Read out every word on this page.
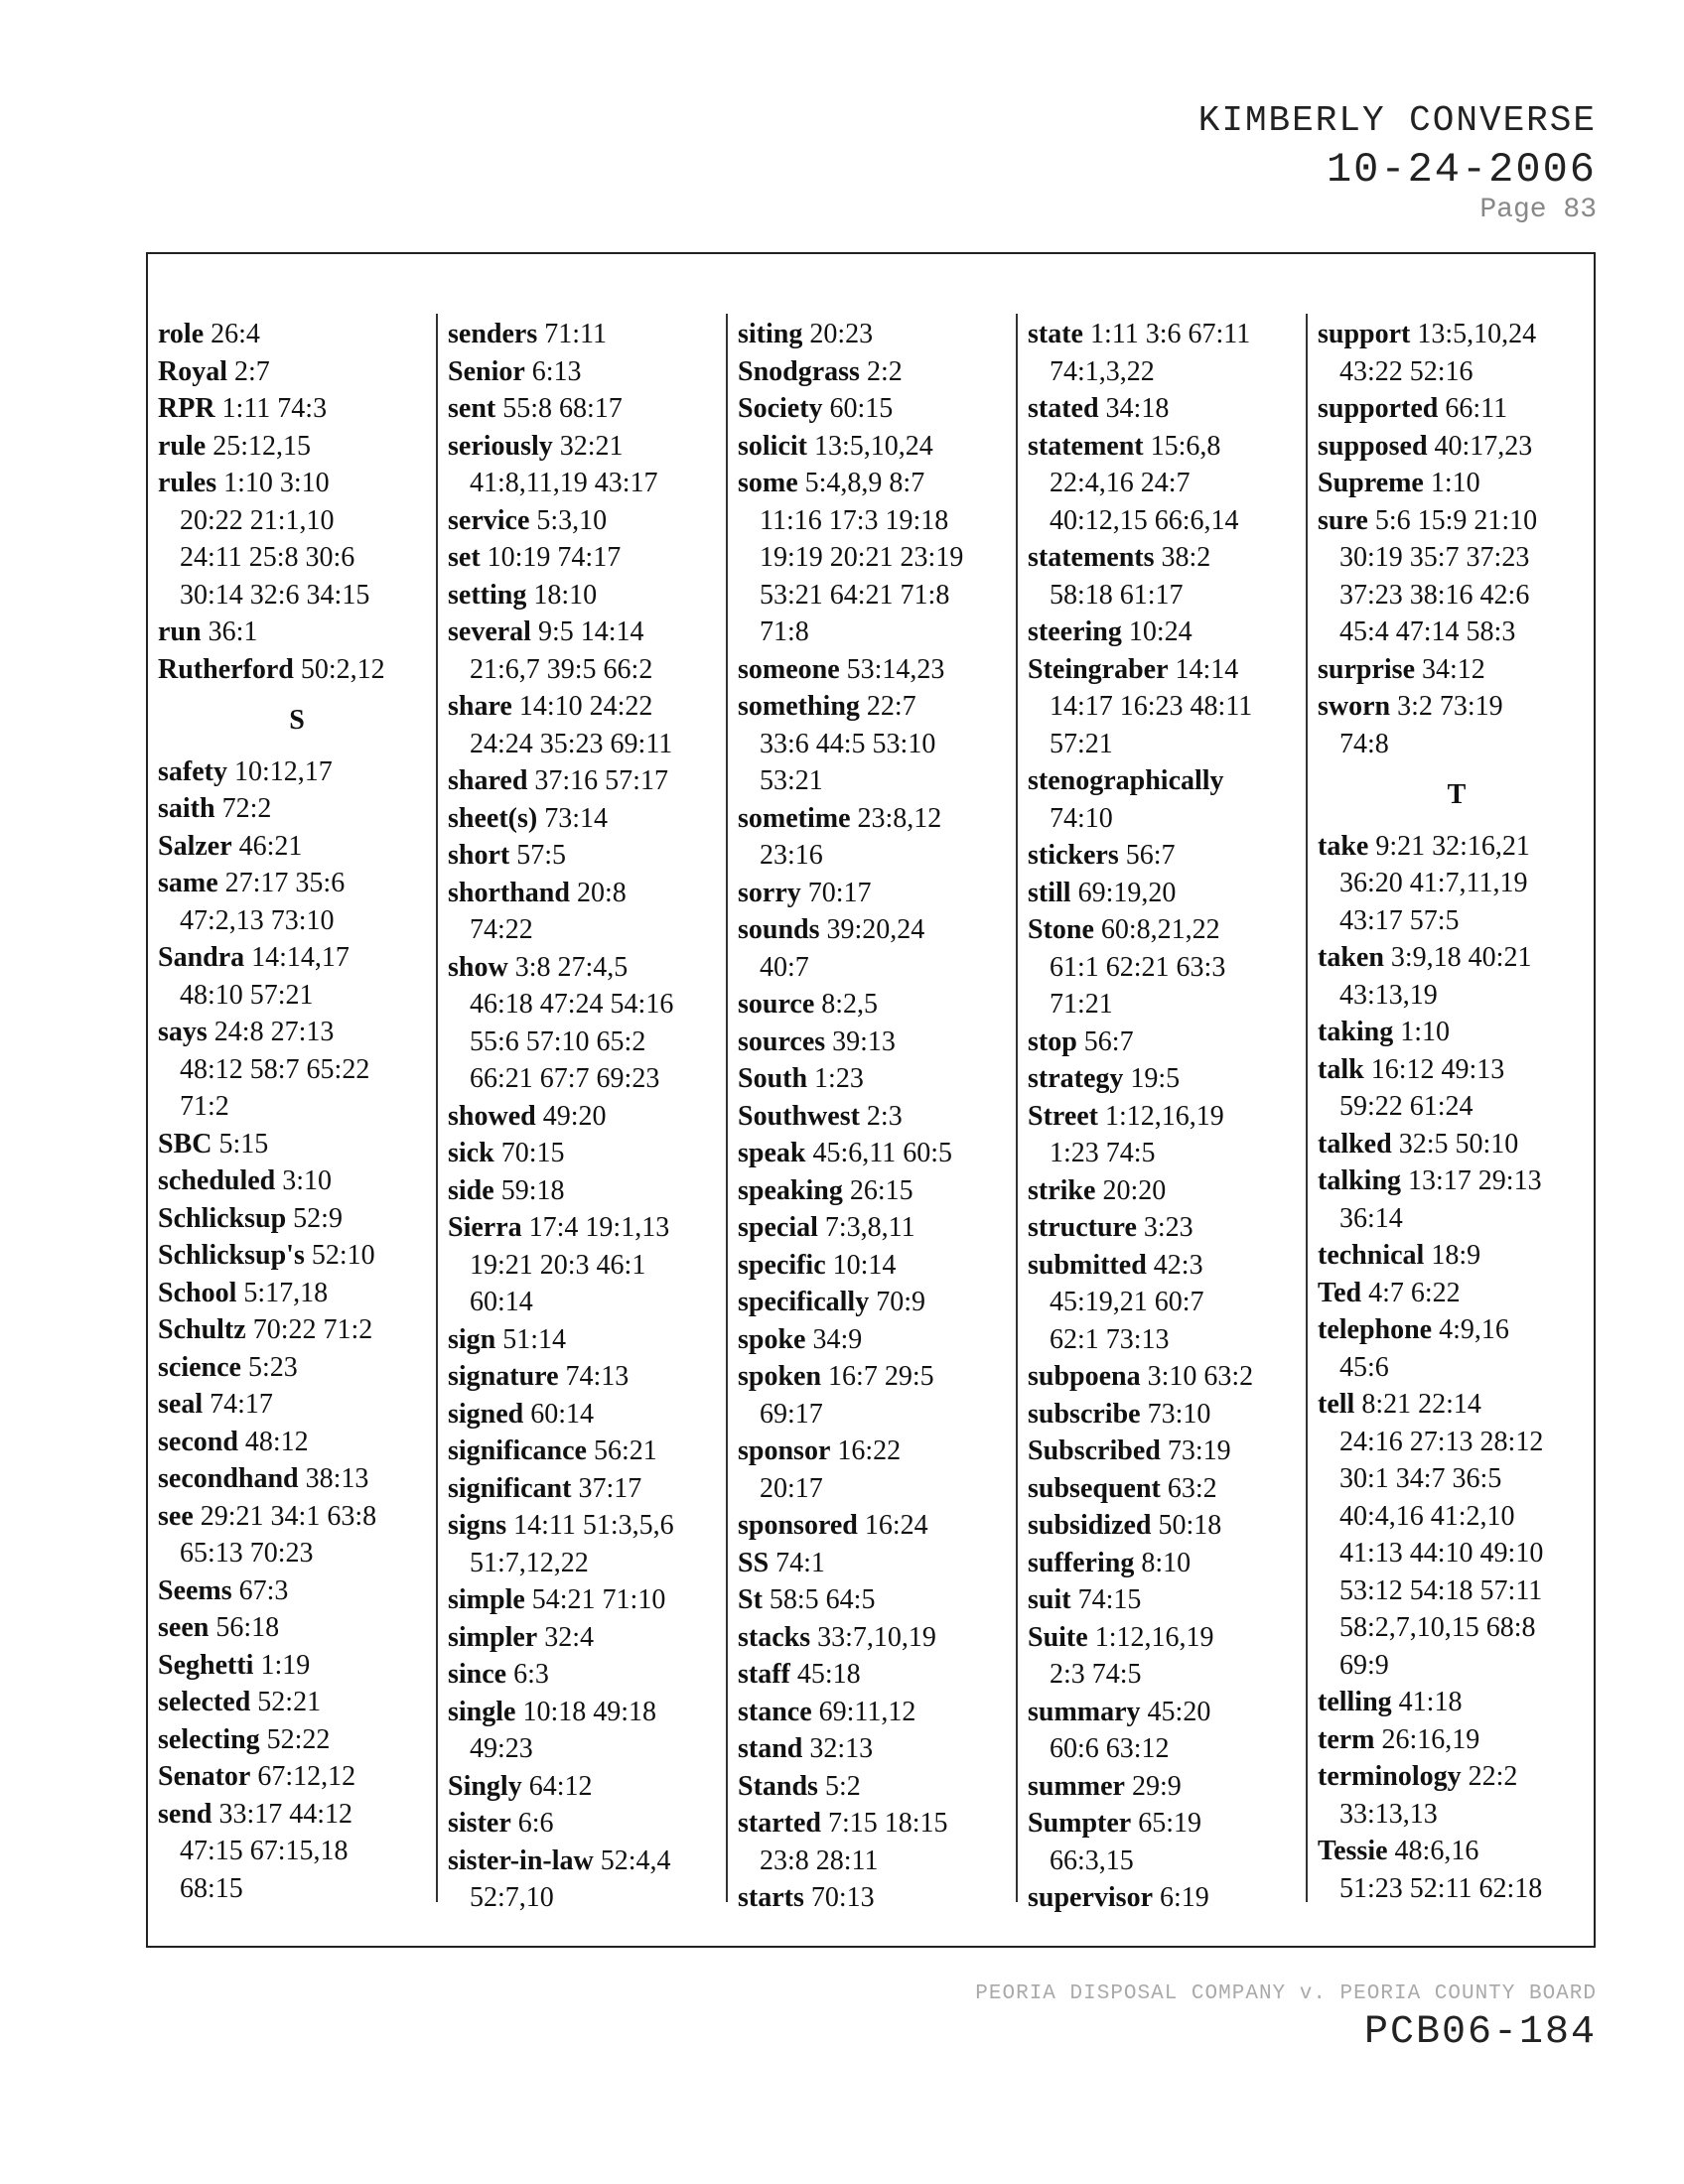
KIMBERLY CONVERSE
10-24-2006
Page 83
role 26:4
Royal 2:7
RPR 1:11 74:3
rule 25:12,15
rules 1:10 3:10
20:22 21:1,10
24:11 25:8 30:6
30:14 32:6 34:15
run 36:1
Rutherford 50:2,12
S
safety 10:12,17
saith 72:2
Salzer 46:21
same 27:17 35:6
47:2,13 73:10
Sandra 14:14,17
48:10 57:21
says 24:8 27:13
48:12 58:7 65:22
71:2
SBC 5:15
scheduled 3:10
Schlicksup 52:9
Schlicksup's 52:10
School 5:17,18
Schultz 70:22 71:2
science 5:23
seal 74:17
second 48:12
secondhand 38:13
see 29:21 34:1 63:8
65:13 70:23
Seems 67:3
seen 56:18
Seghetti 1:19
selected 52:21
selecting 52:22
Senator 67:12,12
send 33:17 44:12
47:15 67:15,18
68:15
senders 71:11
Senior 6:13
sent 55:8 68:17
seriously 32:21
41:8,11,19 43:17
service 5:3,10
set 10:19 74:17
setting 18:10
several 9:5 14:14
21:6,7 39:5 66:2
share 14:10 24:22
24:24 35:23 69:11
shared 37:16 57:17
sheet(s) 73:14
short 57:5
shorthand 20:8
74:22
show 3:8 27:4,5
46:18 47:24 54:16
55:6 57:10 65:2
66:21 67:7 69:23
showed 49:20
sick 70:15
side 59:18
Sierra 17:4 19:1,13
19:21 20:3 46:1
60:14
sign 51:14
signature 74:13
signed 60:14
significance 56:21
significant 37:17
signs 14:11 51:3,5,6
51:7,12,22
simple 54:21 71:10
simpler 32:4
since 6:3
single 10:18 49:18
49:23
Singly 64:12
sister 6:6
sister-in-law 52:4,4
52:7,10
siting 20:23
Snodgrass 2:2
Society 60:15
solicit 13:5,10,24
some 5:4,8,9 8:7
11:16 17:3 19:18
19:19 20:21 23:19
53:21 64:21 71:8
71:8
someone 53:14,23
something 22:7
33:6 44:5 53:10
53:21
sometime 23:8,12
23:16
sorry 70:17
sounds 39:20,24
40:7
source 8:2,5
sources 39:13
South 1:23
Southwest 2:3
speak 45:6,11 60:5
speaking 26:15
special 7:3,8,11
specific 10:14
specifically 70:9
spoke 34:9
spoken 16:7 29:5
69:17
sponsor 16:22
20:17
sponsored 16:24
SS 74:1
St 58:5 64:5
stacks 33:7,10,19
staff 45:18
stance 69:11,12
stand 32:13
Stands 5:2
started 7:15 18:15
23:8 28:11
starts 70:13
state 1:11 3:6 67:11
74:1,3,22
stated 34:18
statement 15:6,8
22:4,16 24:7
40:12,15 66:6,14
statements 38:2
58:18 61:17
steering 10:24
Steingraber 14:14
14:17 16:23 48:11
57:21
stenographically
74:10
stickers 56:7
still 69:19,20
Stone 60:8,21,22
61:1 62:21 63:3
71:21
stop 56:7
strategy 19:5
Street 1:12,16,19
1:23 74:5
strike 20:20
structure 3:23
submitted 42:3
45:19,21 60:7
62:1 73:13
subpoena 3:10 63:2
subscribe 73:10
Subscribed 73:19
subsequent 63:2
subsidized 50:18
suffering 8:10
suit 74:15
Suite 1:12,16,19
2:3 74:5
summary 45:20
60:6 63:12
summer 29:9
Sumpter 65:19
66:3,15
supervisor 6:19
support 13:5,10,24
43:22 52:16
supported 66:11
supposed 40:17,23
Supreme 1:10
sure 5:6 15:9 21:10
30:19 35:7 37:23
37:23 38:16 42:6
45:4 47:14 58:3
surprise 34:12
sworn 3:2 73:19
74:8
T
take 9:21 32:16,21
36:20 41:7,11,19
43:17 57:5
taken 3:9,18 40:21
43:13,19
taking 1:10
talk 16:12 49:13
59:22 61:24
talked 32:5 50:10
talking 13:17 29:13
36:14
technical 18:9
Ted 4:7 6:22
telephone 4:9,16
45:6
tell 8:21 22:14
24:16 27:13 28:12
30:1 34:7 36:5
40:4,16 41:2,10
41:13 44:10 49:10
53:12 54:18 57:11
58:2,7,10,15 68:8
69:9
telling 41:18
term 26:16,19
terminology 22:2
33:13,13
Tessie 48:6,16
51:23 52:11 62:18
PEORIA DISPOSAL COMPANY v. PEORIA COUNTY BOARD
PCB06-184
